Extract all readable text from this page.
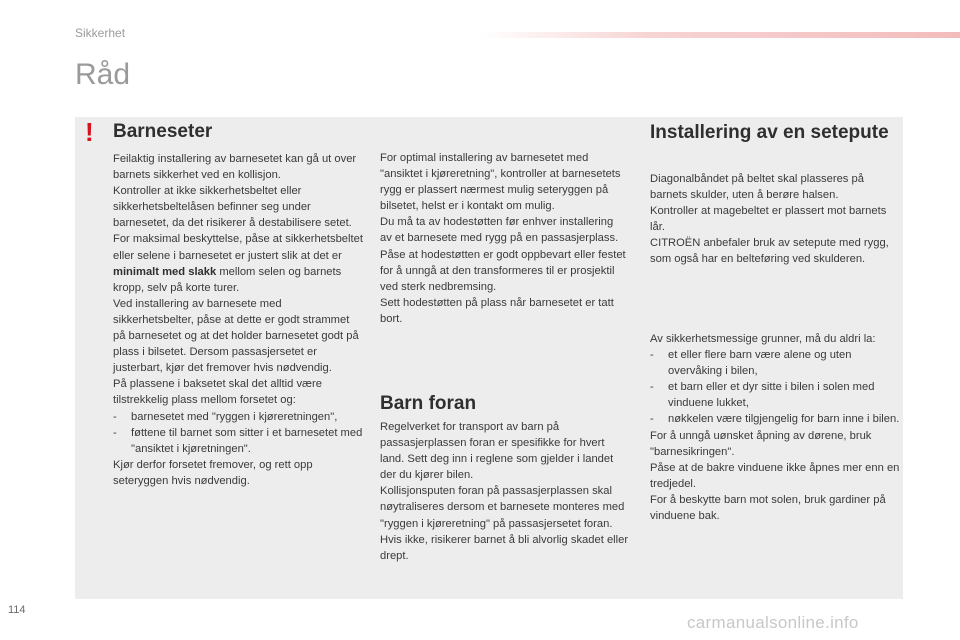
Sikkerhet
Råd
! Barneseter

Feilaktig installering av barnesetet kan gå ut over barnets sikkerhet ved en kollisjon.

Kontroller at ikke sikkerhetsbeltet eller sikkerhetsbeltelåsen befinner seg under barnesetet, da det risikerer å destabilisere setet.

For maksimal beskyttelse, påse at sikkerhetsbeltet eller selene i barnesetet er justert slik at det er minimalt med slakk mellom selen og barnets kropp, selv på korte turer.

Ved installering av barnesete med sikkerhetsbelter, påse at dette er godt strammet på barnesetet og at det holder barnesetet godt på plass i bilsetet. Dersom passasjersetet er justerbart, kjør det fremover hvis nødvendig.

På plassene i baksetet skal det alltid være tilstrekkelig plass mellom forsetet og:

-	barnesetet med "ryggen i kjøreretningen",
-	føttene til barnet som sitter i et barnesetet med "ansiktet i kjøretningen".

Kjør derfor forsetet fremover, og rett opp seteryggen hvis nødvendig.

For optimal installering av barnesetet med "ansiktet i kjøreretning", kontroller at barnesetets rygg er plassert nærmest mulig seteryggen på bilsetet, helst er i kontakt om mulig.

Du må ta av hodestøtten før enhver installering av et barnesete med rygg på en passasjerplass.

Påse at hodestøtten er godt oppbevart eller festet for å unngå at den transformeres til er prosjektil ved sterk nedbremsing.

Sett hodestøtten på plass når barnesetet er tatt bort.

Barn foran

Regelverket for transport av barn på passasjerplassen foran er spesifikke for hvert land. Sett deg inn i reglene som gjelder i landet der du kjører bilen.

Kollisjonsputen foran på passasjerplassen skal nøytraliseres dersom et barnesete monteres med "ryggen i kjøreretning" på passasjersetet foran. Hvis ikke, risikerer barnet å bli alvorlig skadet eller drept.

Installering av en setepute

Diagonalbåndet på beltet skal plasseres på barnets skulder, uten å berøre halsen.

Kontroller at magebeltet er plassert mot barnets lår.

CITROËN anbefaler bruk av setepute med rygg, som også har en belteføring ved skulderen.

Av sikkerhetsmessige grunner, må du aldri la:

-	et eller flere barn være alene og uten overvåking i bilen,
-	et barn eller et dyr sitte i bilen i solen med vinduene lukket,
-	nøkkelen være tilgjengelig for barn inne i bilen.

For å unngå uønsket åpning av dørene, bruk "barnesikringen".

Påse at de bakre vinduene ikke åpnes mer enn en tredjedel.

For å beskytte barn mot solen, bruk gardiner på vinduene bak.

114
carmanualsonline.info
